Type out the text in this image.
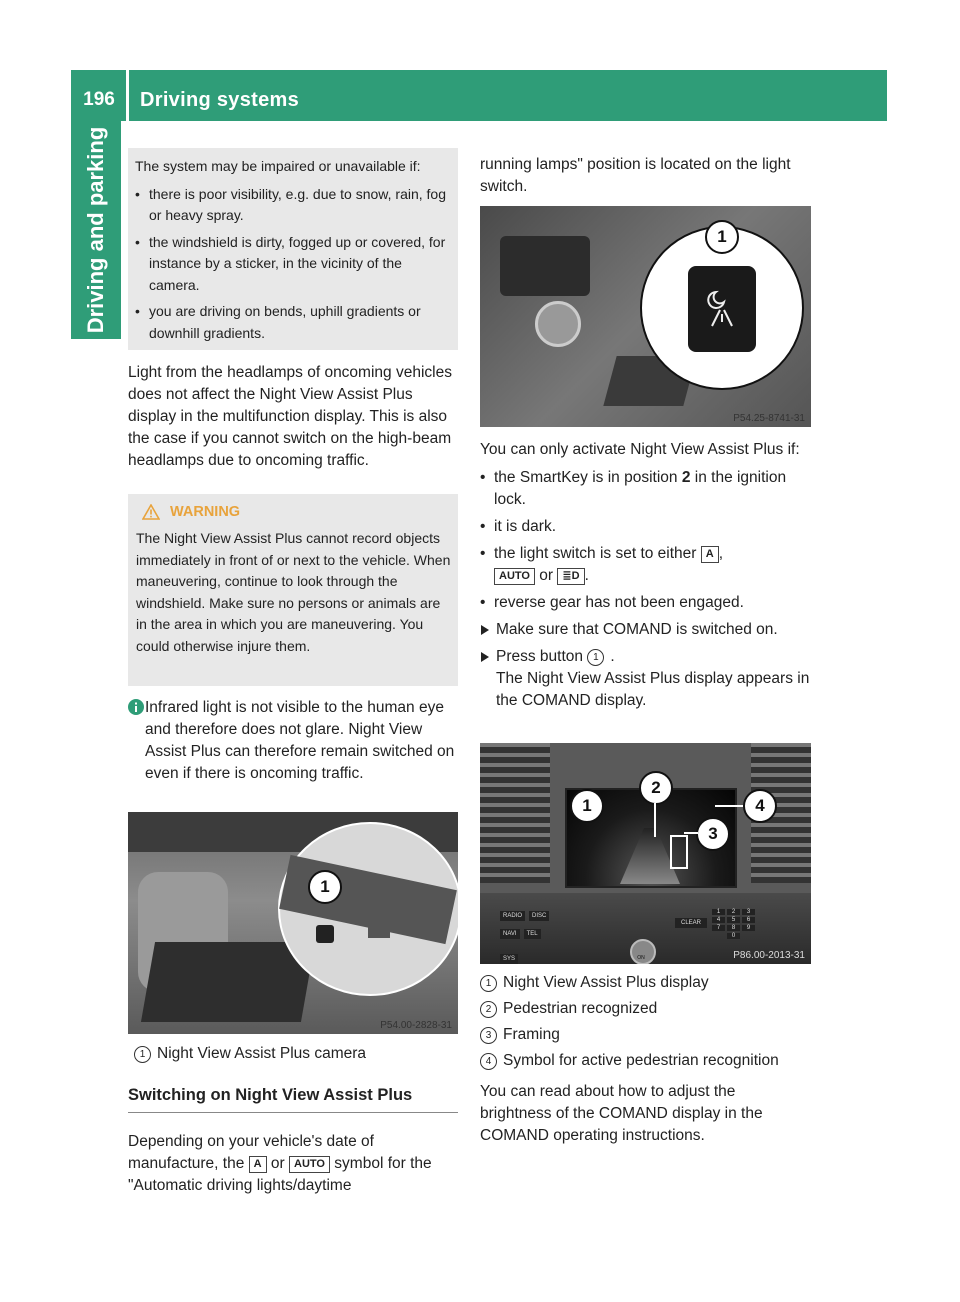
196	Driving systems
Driving and parking The system may be impaired or unavailable if:
• there is poor visibility, e.g. due to snow, rain, fog or heavy spray.
• the windshield is dirty, fogged up or covered, for instance by a sticker, in the vicinity of the camera.
• you are driving on bends, uphill gradients or downhill gradients.
Light from the headlamps of oncoming vehicles does not affect the Night View Assist Plus display in the multifunction display. This is also the case if you cannot switch on the high-beam headlamps due to oncoming traffic.
WARNING
The Night View Assist Plus cannot record objects immediately in front of or next to the vehicle. When maneuvering, continue to look through the windshield. Make sure no persons or animals are in the area in which you are maneuvering. You could otherwise injure them.
Infrared light is not visible to the human eye and therefore does not glare. Night View Assist Plus can therefore remain switched on even if there is oncoming traffic.
1
P54.00-2828-31
1 Night View Assist Plus camera
Switching on Night View Assist Plus
Depending on your vehicle's date of manufacture, the A or AUTO symbol for the "Automatic driving lights/daytime
running lamps" position is located on the light switch.
1
P54.25-8741-31
You can only activate Night View Assist Plus if:
• the SmartKey is in position 2 in the ignition lock.
• it is dark.
• the light switch is set to either A ,
AUTO or ≣D .
• reverse gear has not been engaged.
Make sure that COMAND is switched on.
Press button 1 .
The Night View Assist Plus display appears in the COMAND display.
RADIO	DISC
NAVI	TEL
SYS
CLEAR
ON
1	2	3
4	5	6
7	8	9
0
1
2
3
4
P86.00-2013-31
1 Night View Assist Plus display
2 Pedestrian recognized
3 Framing
4 Symbol for active pedestrian recognition
You can read about how to adjust the brightness of the COMAND display in the COMAND operating instructions.
